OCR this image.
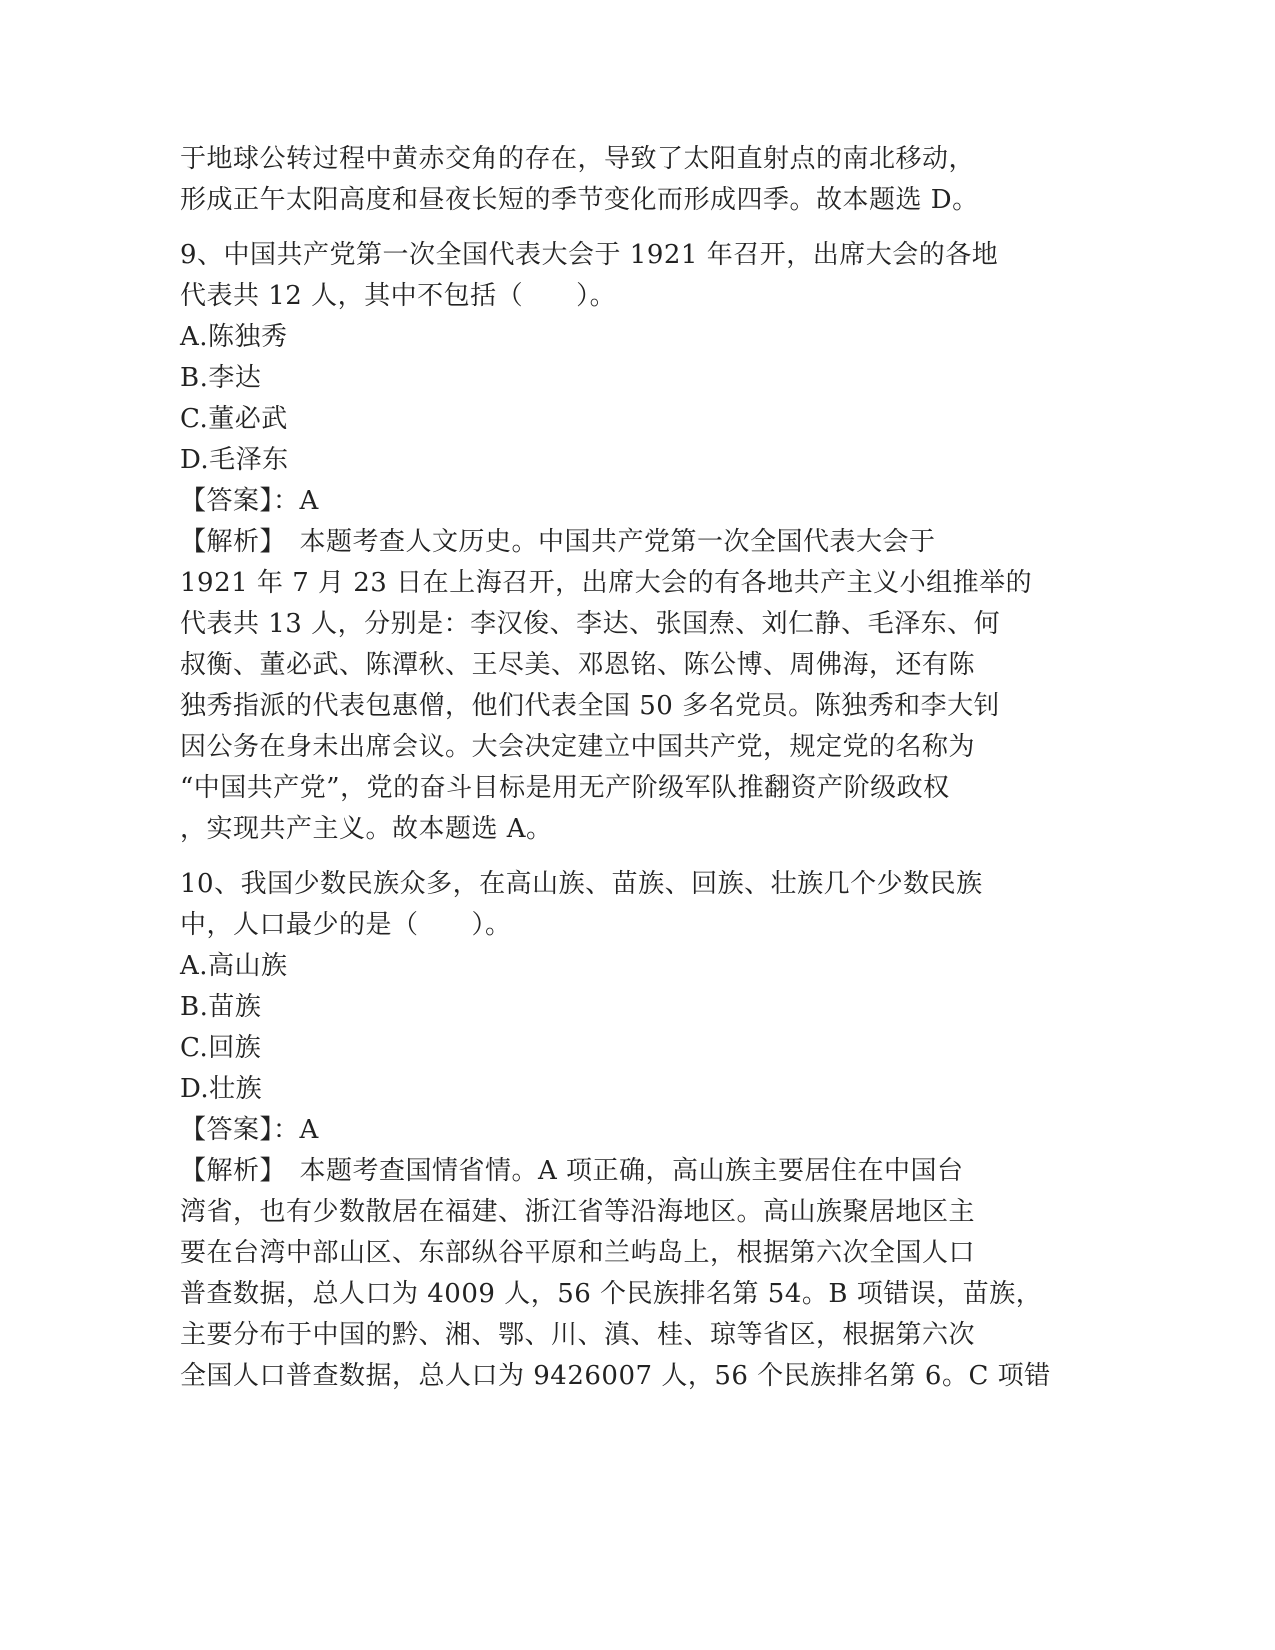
于地球公转过程中黄赤交角的存在，导致了太阳直射点的南北移动，
形成正午太阳高度和昼夜长短的季节变化而形成四季。故本题选 D。
9、中国共产党第一次全国代表大会于 1921 年召开，出席大会的各地
代表共 12 人，其中不包括（　　）。
A.陈独秀
B.李达
C.董必武
D.毛泽东
【答案】：A
【解析】　本题考查人文历史。中国共产党第一次全国代表大会于
1921 年 7 月 23 日在上海召开，出席大会的有各地共产主义小组推举的
代表共 13 人，分别是：李汉俊、李达、张国焘、刘仁静、毛泽东、何
叔衡、董必武、陈潭秋、王尽美、邓恩铭、陈公博、周佛海，还有陈
独秀指派的代表包惠僧，他们代表全国 50 多名党员。陈独秀和李大钊
因公务在身未出席会议。大会决定建立中国共产党，规定党的名称为
“中国共产党”，党的奋斗目标是用无产阶级军队推翻资产阶级政权
，实现共产主义。故本题选 A。
10、我国少数民族众多，在高山族、苗族、回族、壮族几个少数民族
中，人口最少的是（　　）。
A.高山族
B.苗族
C.回族
D.壮族
【答案】：A
【解析】　本题考查国情省情。A 项正确，高山族主要居住在中国台
湾省，也有少数散居在福建、浙江省等沿海地区。高山族聚居地区主
要在台湾中部山区、东部纵谷平原和兰屿岛上，根据第六次全国人口
普查数据，总人口为 4009 人，56 个民族排名第 54。B 项错误，苗族，
主要分布于中国的黔、湘、鄂、川、滇、桂、琼等省区，根据第六次
全国人口普查数据，总人口为 9426007 人，56 个民族排名第 6。C 项错
